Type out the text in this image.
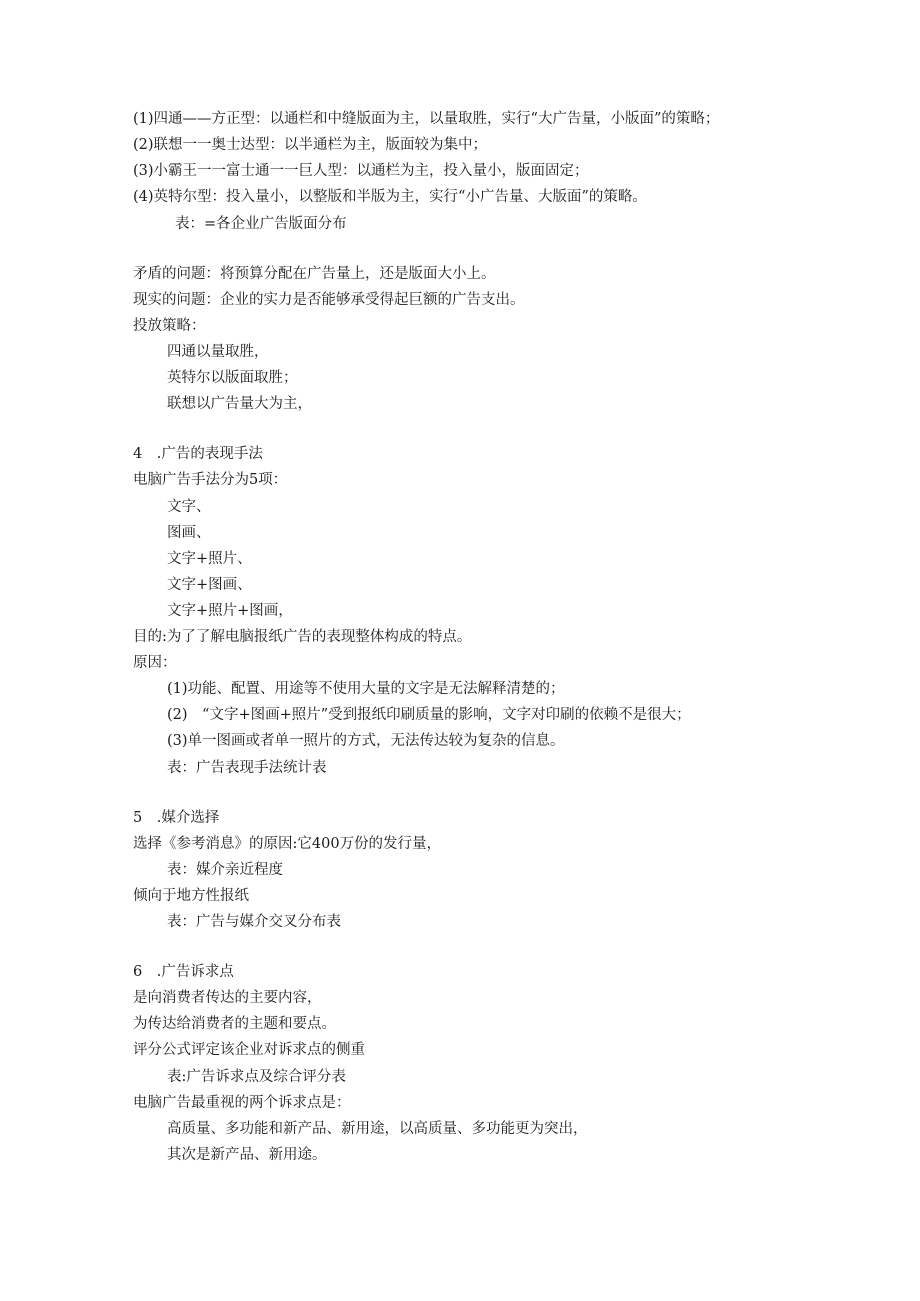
(1)四通——方正型：以通栏和中缝版面为主，以量取胜，实行“大广告量，小版面”的策略；
(2)联想一一奥士达型：以半通栏为主，版面较为集中；
(3)小霸王一一富士通一一巨人型：以通栏为主，投入量小，版面固定；
(4)英特尔型：投入量小，以整版和半版为主，实行“小广告量、大版面”的策略。
表：=各企业广告版面分布
矛盾的问题：将预算分配在广告量上，还是版面大小上。
现实的问题：企业的实力是否能够承受得起巨额的广告支出。
投放策略：
四通以量取胜，
英特尔以版面取胜；
联想以广告量大为主，
4　.广告的表现手法
电脑广告手法分为5项：
文字、
图画、
文字+照片、
文字+图画、
文字+照片+图画，
目的:为了了解电脑报纸广告的表现整体构成的特点。
原因：
(1)功能、配置、用途等不使用大量的文字是无法解释清楚的；
(2)　“文字+图画+照片”受到报纸印刷质量的影响，文字对印刷的依赖不是很大；
(3)单一图画或者单一照片的方式，无法传达较为复杂的信息。
表：广告表现手法统计表
5　.媒介选择
选择《参考消息》的原因:它400万份的发行量，
表：媒介亲近程度
倾向于地方性报纸
表：广告与媒介交叉分布表
6　.广告诉求点
是向消费者传达的主要内容，
为传达给消费者的主题和要点。
评分公式评定该企业对诉求点的侧重
表:广告诉求点及综合评分表
电脑广告最重视的两个诉求点是：
高质量、多功能和新产品、新用途，以高质量、多功能更为突出，
其次是新产品、新用途。
